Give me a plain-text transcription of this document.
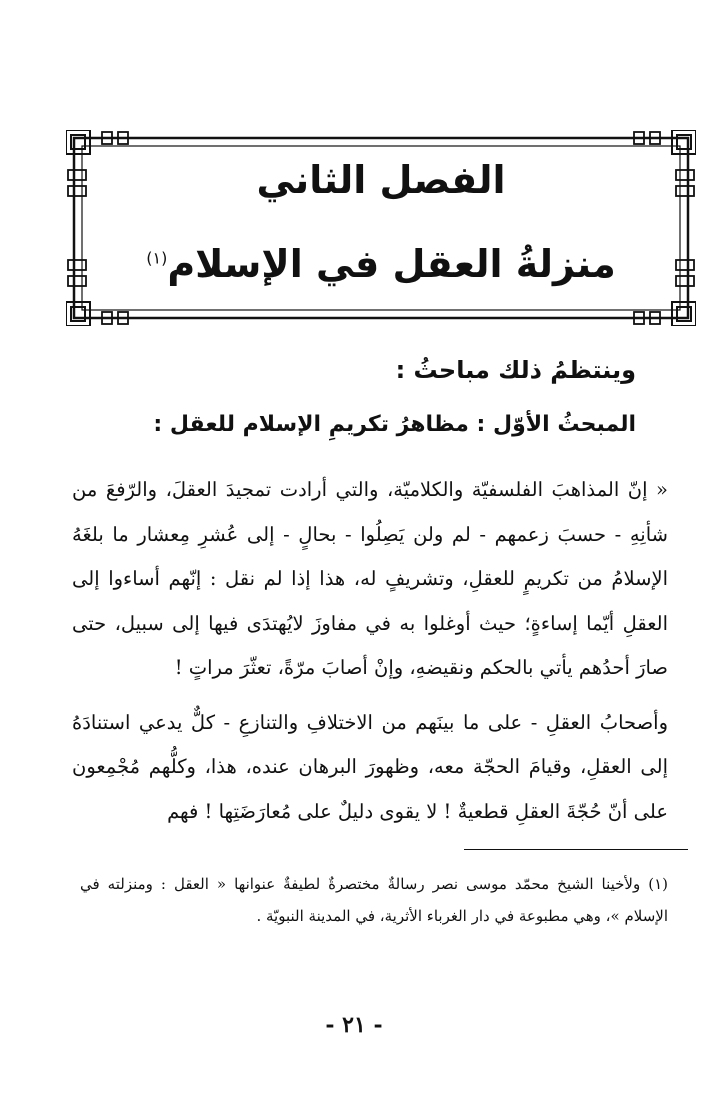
الفصل الثاني
منزلةُ العقل في الإسلام$^{(١)}$
وينتظمُ ذلك مباحثُ :
المبحثُ الأوّل : مظاهرُ تكريمِ الإسلام للعقل :

« إنّ المذاهبَ الفلسفيّة والكلاميّة، والتي أرادت تمجيدَ العقلَ، والرّفعَ من شأنِهِ - حسبَ زعمهم - لم ولن يَصِلُوا - بحالٍ - إلى عُشرِ مِعشار ما بلغَهُ الإسلامُ من تكريمٍ للعقلِ، وتشريفٍ له، هذا إذا لم نقل : إنّهم أساءوا إلى العقلِ أيّما إساءةٍ؛ حيث أوغلوا به في مفاوزَ لايُهتدَى فيها إلى سبيل، حتى صارَ أحدُهم يأتي بالحكم ونقيضهِ، وإنْ أصابَ مرّةً، تعثّرَ مراتٍ !

وأصحابُ العقلِ - على ما بينَهم من الاختلافِ والتنازعِ - كلٌّ يدعي استنادَهُ إلى العقلِ، وقيامَ الحجّة معه، وظهورَ البرهان عنده، هذا، وكلُّهم مُجْمِعون على أنّ حُجّةَ العقلِ قطعيةٌ ! لا يقوى دليلٌ على مُعارَضَتِها ! فهم

(١) ولأخينا الشيخ محمّد موسى نصر رسالةٌ مختصرةٌ لطيفةٌ عنوانها « العقل : ومنزلته في الإسلام »، وهي مطبوعة في دار الغرباء الأثرية، في المدينة النبويّة .
- ٢١ -
